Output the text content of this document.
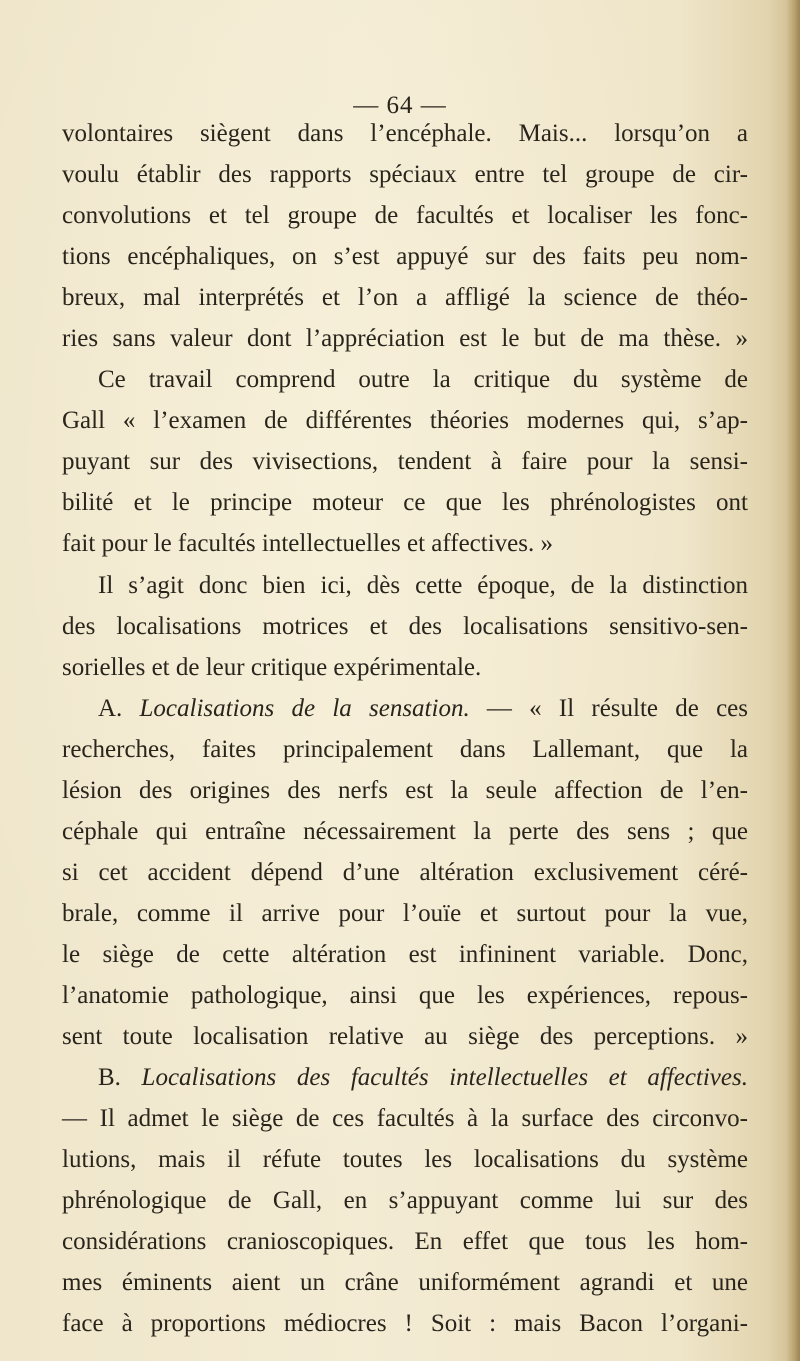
— 64 —
volontaires siègent dans l’encéphale. Mais... lorsqu’on a
voulu établir des rapports spéciaux entre tel groupe de cir-
convolutions et tel groupe de facultés et localiser les fonc-
tions encéphaliques, on s’est appuyé sur des faits peu nom-
breux, mal interprétés et l’on a affligé la science de théo-
ries sans valeur dont l’appréciation est le but de ma thèse. »
Ce travail comprend outre la critique du système de
Gall « l’examen de différentes théories modernes qui, s’ap-
puyant sur des vivisections, tendent à faire pour la sensi-
bilité et le principe moteur ce que les phrénologistes ont
fait pour le facultés intellectuelles et affectives. »
Il s’agit donc bien ici, dès cette époque, de la distinction
des localisations motrices et des localisations sensitivo-sen-
sorielles et de leur critique expérimentale.
A. Localisations de la sensation. — « Il résulte de ces
recherches, faites principalement dans Lallemant, que la
lésion des origines des nerfs est la seule affection de l’en-
céphale qui entraîne nécessairement la perte des sens ; que
si cet accident dépend d’une altération exclusivement céré-
brale, comme il arrive pour l’ouïe et surtout pour la vue,
le siège de cette altération est infininent variable. Donc,
l’anatomie pathologique, ainsi que les expériences, repous-
sent toute localisation relative au siège des perceptions. »
B. Localisations des facultés intellectuelles et affectives.
— Il admet le siège de ces facultés à la surface des circonvo-
lutions, mais il réfute toutes les localisations du système
phrénologique de Gall, en s’appuyant comme lui sur des
considérations cranioscopiques. En effet que tous les hom-
mes éminents aient un crâne uniformément agrandi et une
face à proportions médiocres ! Soit : mais Bacon l’organi-
